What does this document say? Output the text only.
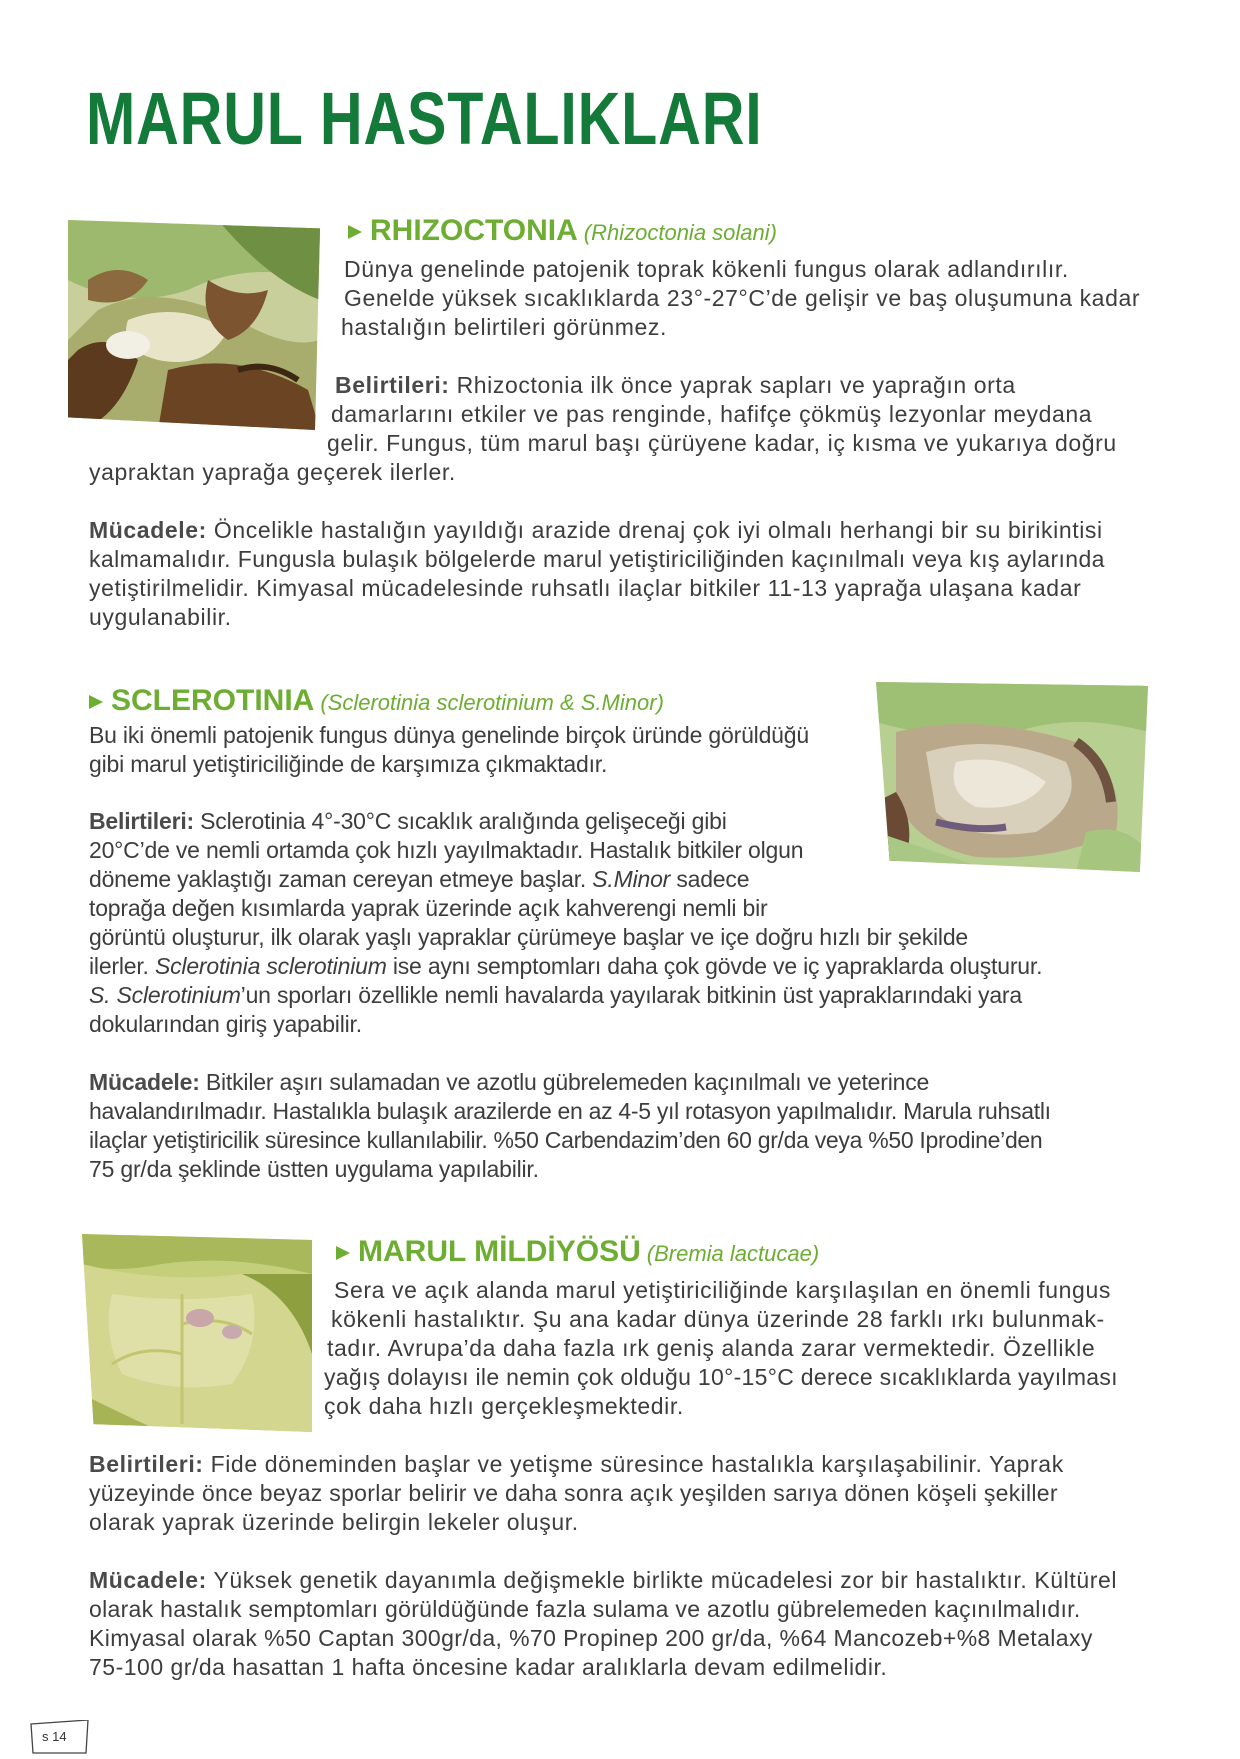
MARUL HASTALIKLARI
RHIZOCTONIA (Rhizoctonia solani)
Dünya genelinde patojenik toprak kökenli fungus olarak adlandırılır.
Genelde yüksek sıcaklıklarda 23°-27°C’de gelişir ve baş oluşumuna kadar
hastalığın belirtileri görünmez.
Belirtileri: Rhizoctonia ilk önce yaprak sapları ve yaprağın orta
damarlarını etkiler ve pas renginde, hafifçe çökmüş lezyonlar meydana
gelir. Fungus, tüm marul başı çürüyene kadar, iç kısma ve yukarıya doğru
yapraktan yaprağa geçerek ilerler.
Mücadele: Öncelikle hastalığın yayıldığı arazide drenaj çok iyi olmalı herhangi bir su birikintisi
kalmamalıdır. Fungusla bulaşık bölgelerde marul yetiştiriciliğinden kaçınılmalı veya kış aylarında
yetiştirilmelidir. Kimyasal mücadelesinde ruhsatlı ilaçlar bitkiler 11-13 yaprağa ulaşana kadar
uygulanabilir.
SCLEROTINIA (Sclerotinia sclerotinium & S.Minor)
Bu iki önemli patojenik fungus dünya genelinde birçok üründe görüldüğü
gibi marul yetiştiriciliğinde de karşımıza çıkmaktadır.
Belirtileri: Sclerotinia 4°-30°C sıcaklık aralığında gelişeceği gibi
20°C’de ve nemli ortamda çok hızlı yayılmaktadır. Hastalık bitkiler olgun
döneme yaklaştığı zaman cereyan etmeye başlar. S.Minor sadece
toprağa değen kısımlarda yaprak üzerinde açık kahverengi nemli bir
görüntü oluşturur, ilk olarak yaşlı yapraklar çürümeye başlar ve içe doğru hızlı bir şekilde
ilerler. Sclerotinia sclerotinium ise aynı semptomları daha çok gövde ve iç yapraklarda oluşturur.
S. Sclerotinium’un sporları özellikle nemli havalarda yayılarak bitkinin üst yapraklarındaki yara
dokularından giriş yapabilir.
Mücadele: Bitkiler aşırı sulamadan ve azotlu gübrelemeden kaçınılmalı ve yeterince
havalandırılmadır. Hastalıkla bulaşık arazilerde en az 4-5 yıl rotasyon yapılmalıdır. Marula ruhsatlı
ilaçlar yetiştiricilik süresince kullanılabilir. %50 Carbendazim’den 60 gr/da veya %50 Iprodine’den
75 gr/da şeklinde üstten uygulama yapılabilir.
MARUL MİLDİYÖSÜ (Bremia lactucae)
Sera ve açık alanda marul yetiştiriciliğinde karşılaşılan en önemli fungus
kökenli hastalıktır. Şu ana kadar dünya üzerinde 28 farklı ırkı bulunmak-
tadır. Avrupa’da daha fazla ırk geniş alanda zarar vermektedir. Özellikle
yağış dolayısı ile nemin çok olduğu 10°-15°C derece sıcaklıklarda yayılması
çok daha hızlı gerçekleşmektedir.
Belirtileri: Fide döneminden başlar ve yetişme süresince hastalıkla karşılaşabilinir. Yaprak
yüzeyinde önce beyaz sporlar belirir ve daha sonra açık yeşilden sarıya dönen köşeli şekiller
olarak yaprak üzerinde belirgin lekeler oluşur.
Mücadele: Yüksek genetik dayanımla değişmekle birlikte mücadelesi zor bir hastalıktır. Kültürel
olarak hastalık semptomları görüldüğünde fazla sulama ve azotlu gübrelemeden kaçınılmalıdır.
Kimyasal olarak %50 Captan 300gr/da, %70 Propinep 200 gr/da, %64 Mancozeb+%8 Metalaxy
75-100 gr/da hasattan 1 hafta öncesine kadar aralıklarla devam edilmelidir.
s 14
